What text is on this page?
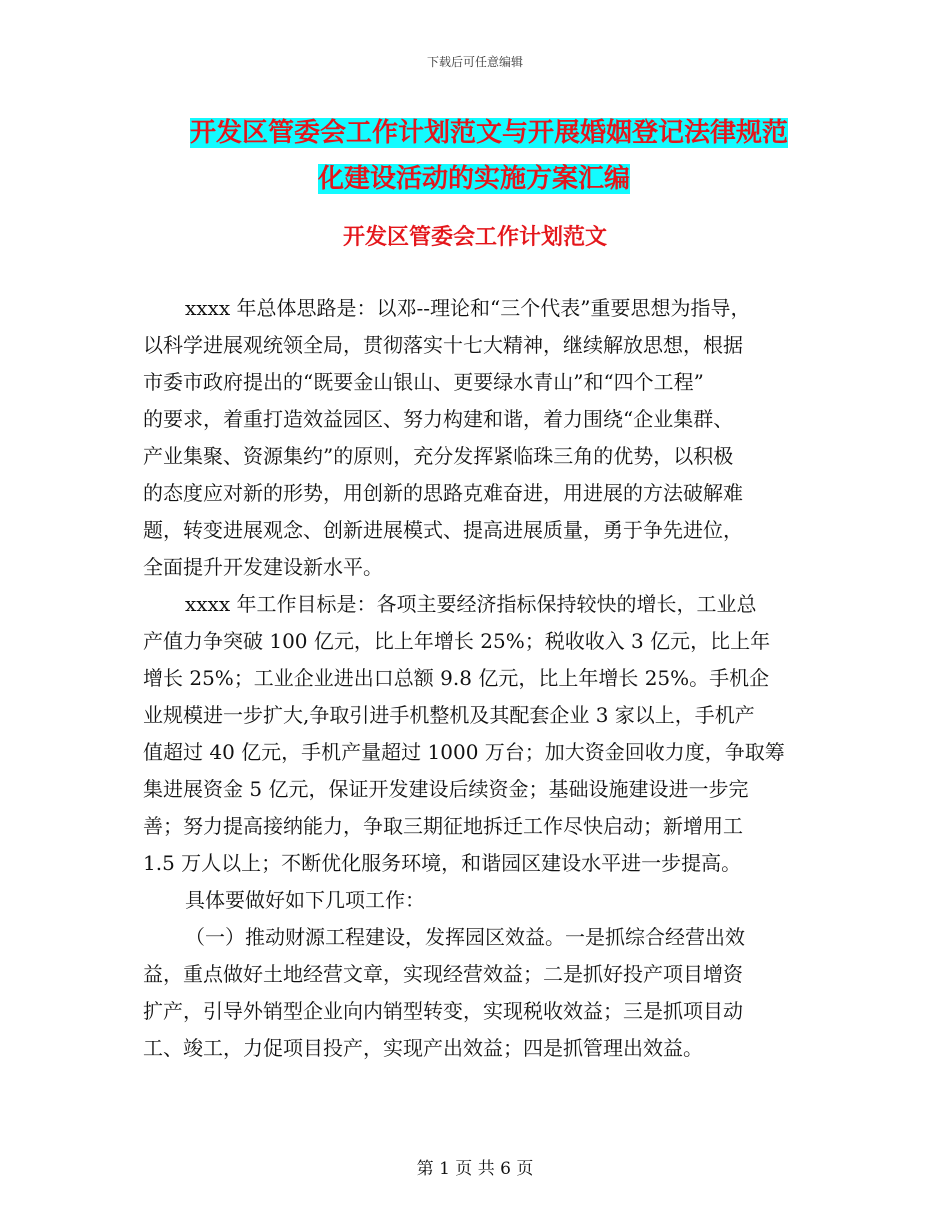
下载后可任意编辑
开发区管委会工作计划范文与开展婚姻登记法律规范
化建设活动的实施方案汇编
开发区管委会工作计划范文
xxxx 年总体思路是：以邓--理论和“三个代表”重要思想为指导，
以科学进展观统领全局，贯彻落实十七大精神，继续解放思想，根据
市委市政府提出的“既要金山银山、更要绿水青山”和“四个工程”
的要求，着重打造效益园区、努力构建和谐，着力围绕“企业集群、
产业集聚、资源集约”的原则，充分发挥紧临珠三角的优势，以积极
的态度应对新的形势，用创新的思路克难奋进，用进展的方法破解难
题，转变进展观念、创新进展模式、提高进展质量，勇于争先进位，
全面提升开发建设新水平。
xxxx 年工作目标是：各项主要经济指标保持较快的增长，工业总
产值力争突破 100 亿元，比上年增长 25%；税收收入 3 亿元，比上年
增长 25%；工业企业进出口总额 9.8 亿元，比上年增长 25%。手机企
业规模进一步扩大,争取引进手机整机及其配套企业 3 家以上，手机产
值超过 40 亿元，手机产量超过 1000 万台；加大资金回收力度，争取筹
集进展资金 5 亿元，保证开发建设后续资金；基础设施建设进一步完
善；努力提高接纳能力，争取三期征地拆迁工作尽快启动；新增用工
1.5 万人以上；不断优化服务环境，和谐园区建设水平进一步提高。
具体要做好如下几项工作：
（一）推动财源工程建设，发挥园区效益。一是抓综合经营出效
益，重点做好土地经营文章，实现经营效益；二是抓好投产项目增资
扩产，引导外销型企业向内销型转变，实现税收效益；三是抓项目动
工、竣工，力促项目投产，实现产出效益；四是抓管理出效益。
第 1 页 共 6 页
